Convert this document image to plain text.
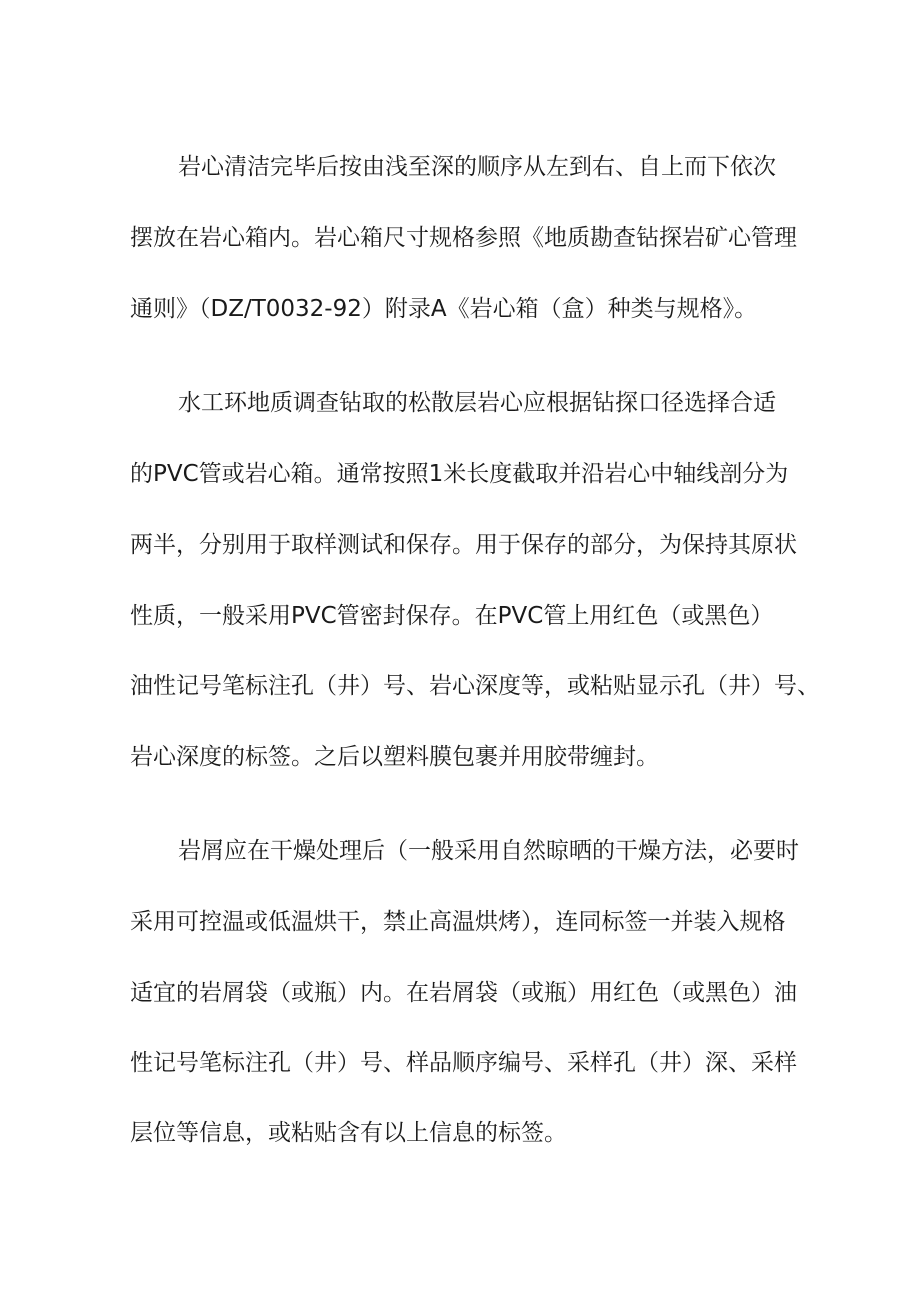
岩心清洁完毕后按由浅至深的顺序从左到右、自上而下依次
摆放在岩心箱内。岩心箱尺寸规格参照《地质勘查钻探岩矿心管理
通则》（DZ/T0032-92）附录A《岩心箱（盒）种类与规格》。
水工环地质调查钻取的松散层岩心应根据钻探口径选择合适
的PVC管或岩心箱。通常按照1米长度截取并沿岩心中轴线剖分为
两半，分别用于取样测试和保存。用于保存的部分，为保持其原状
性质，一般采用PVC管密封保存。在PVC管上用红色（或黑色）
油性记号笔标注孔（井）号、岩心深度等，或粘贴显示孔（井）号、
岩心深度的标签。之后以塑料膜包裹并用胶带缠封。
岩屑应在干燥处理后（一般采用自然晾晒的干燥方法，必要时
采用可控温或低温烘干，禁止高温烘烤），连同标签一并装入规格
适宜的岩屑袋（或瓶）内。在岩屑袋（或瓶）用红色（或黑色）油
性记号笔标注孔（井）号、样品顺序编号、采样孔（井）深、采样
层位等信息，或粘贴含有以上信息的标签。
